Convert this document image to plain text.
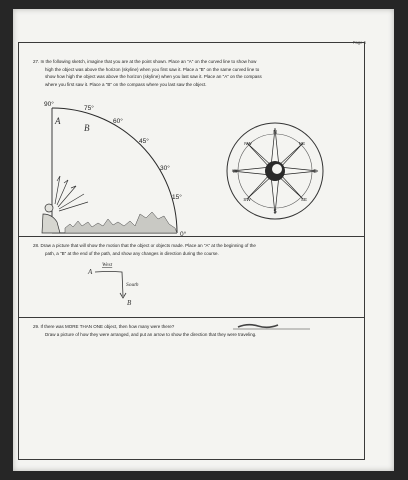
Page 5
27. In the following sketch, imagine that you are at the point shown. Place an "A" on the curved line to show how
high the object was above the horizon (skyline) when you first saw it. Place a "B" on the same curved line to
show how high the object was above the horizon (skyline) when you last saw it. Place an "A" on the compass
where you first saw it. Place a "B" on the compass where you last saw the object.
A
B
90°
75°
60°
45°
30°
15°
0°
N
NE
E
SE
S
SW
W
NW
28. Draw a picture that will show the motion that the object or objects made. Place an "A" at the beginning of the
path, a "B" at the end of the path, and show any changes in direction during the course.
A
West
South
B
29. If there was MORE THAN ONE object, then how many were there?
Draw a picture of how they were arranged, and put an arrow to show the direction that they were traveling.
